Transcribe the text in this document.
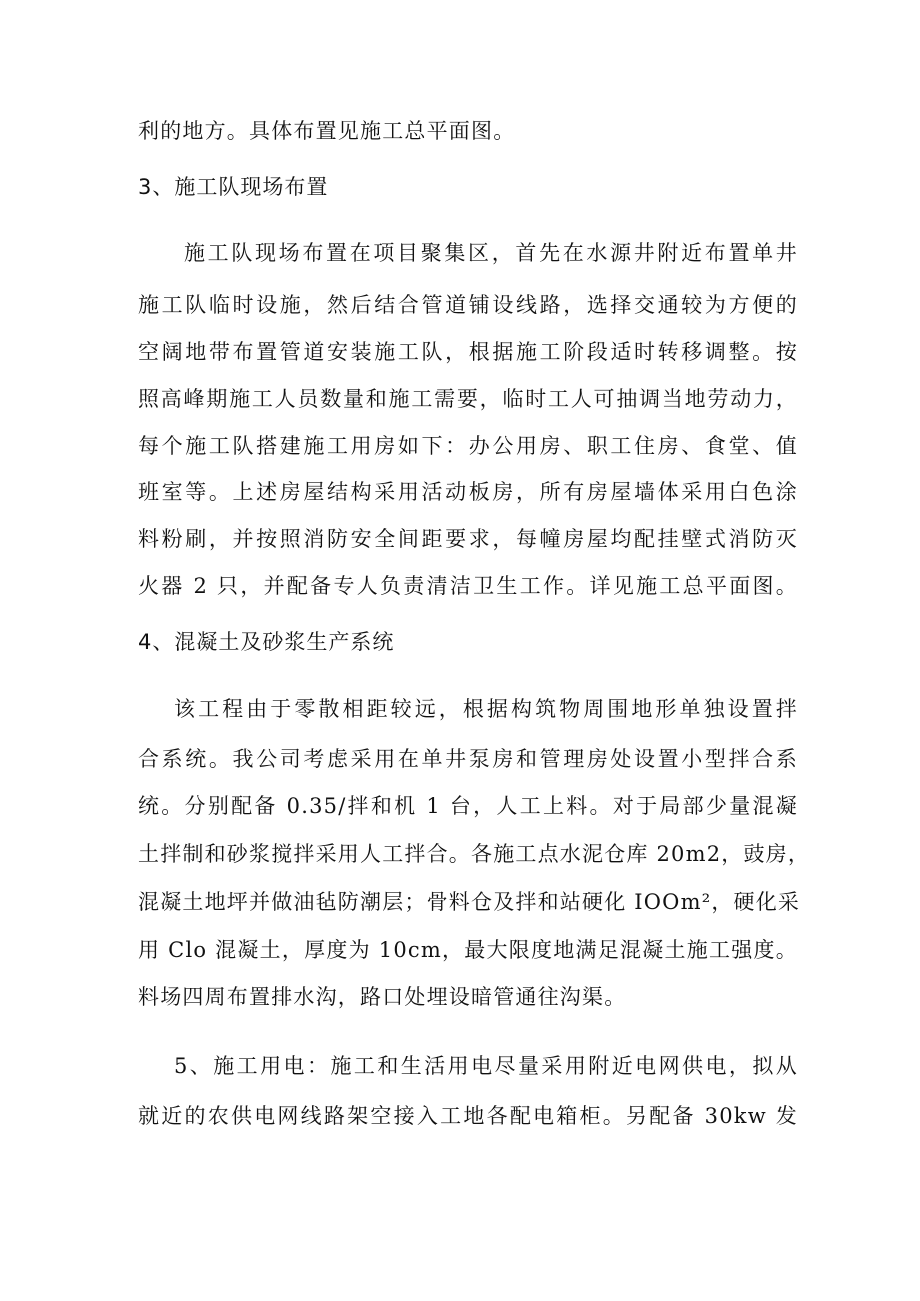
利的地方。具体布置见施工总平面图。
3、施工队现场布置
施工队现场布置在项目聚集区，首先在水源井附近布置单井
施工队临时设施，然后结合管道铺设线路，选择交通较为方便的
空阔地带布置管道安装施工队，根据施工阶段适时转移调整。按
照高峰期施工人员数量和施工需要，临时工人可抽调当地劳动力，
每个施工队搭建施工用房如下：办公用房、职工住房、食堂、值
班室等。上述房屋结构采用活动板房，所有房屋墙体采用白色涂
料粉刷，并按照消防安全间距要求，每幢房屋均配挂壁式消防灭
火器 2 只，并配备专人负责清洁卫生工作。详见施工总平面图。
4、混凝土及砂浆生产系统
该工程由于零散相距较远，根据构筑物周围地形单独设置拌
合系统。我公司考虑采用在单井泵房和管理房处设置小型拌合系
统。分别配备 0.35/拌和机 1 台，人工上料。对于局部少量混凝
土拌制和砂浆搅拌采用人工拌合。各施工点水泥仓库 20m2，豉房，
混凝土地坪并做油毡防潮层；骨料仓及拌和站硬化 IOOm²，硬化采
用 Clo 混凝土，厚度为 10cm，最大限度地满足混凝土施工强度。
料场四周布置排水沟，路口处埋设暗管通往沟渠。
5、施工用电：施工和生活用电尽量采用附近电网供电，拟从
就近的农供电网线路架空接入工地各配电箱柜。另配备 30kw 发
